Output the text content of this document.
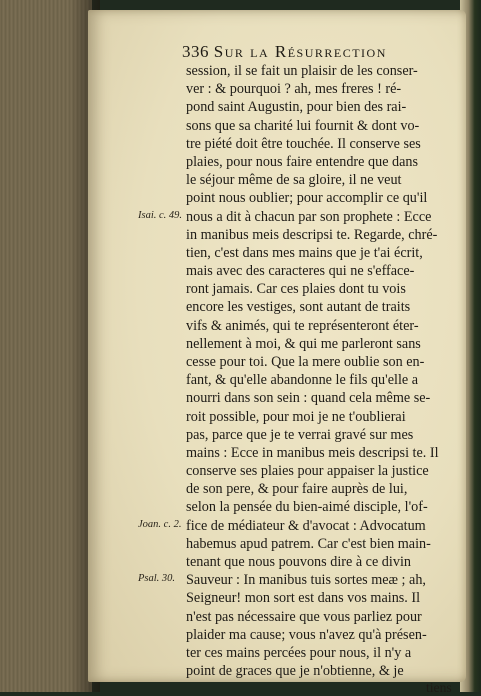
336 Sur la Résurrection
session, il se fait un plaisir de les conser-
ver : & pourquoi ? ah, mes freres ! ré-
pond saint Augustin, pour bien des rai-
sons que sa charité lui fournit & dont vo-
tre piété doit être touchée. Il conserve ses
plaies, pour nous faire entendre que dans
le séjour même de sa gloire, il ne veut
point nous oublier; pour accomplir ce qu'il
nous a dit à chacun par son prophete : Ecce
in manibus meis descripsi te. Regarde, chré-
tien, c'est dans mes mains que je t'ai écrit,
mais avec des caracteres qui ne s'efface-
ront jamais. Car ces plaies dont tu vois
encore les vestiges, sont autant de traits
vifs & animés, qui te représenteront éter-
nellement à moi, & qui me parleront sans
cesse pour toi. Que la mere oublie son en-
fant, & qu'elle abandonne le fils qu'elle a
nourri dans son sein : quand cela même se-
roit possible, pour moi je ne t'oublierai
pas, parce que je te verrai gravé sur mes
mains : Ecce in manibus meis descripsi te. Il
conserve ses plaies pour appaiser la justice
de son pere, & pour faire auprès de lui,
selon la pensée du bien-aimé disciple, l'of-
fice de médiateur & d'avocat : Advocatum
habemus apud patrem. Car c'est bien main-
tenant que nous pouvons dire à ce divin
Sauveur : In manibus tuis sortes meæ ; ah,
Seigneur! mon sort est dans vos mains. Il
n'est pas nécessaire que vous parliez pour
Isai. c. 49.
Joan. c. 2.
Psal. 30.
plaider ma cause; vous n'avez qu'à présen-
ter ces mains percées pour nous, il n'y a
point de graces que je n'obtienne, & je
tiens
